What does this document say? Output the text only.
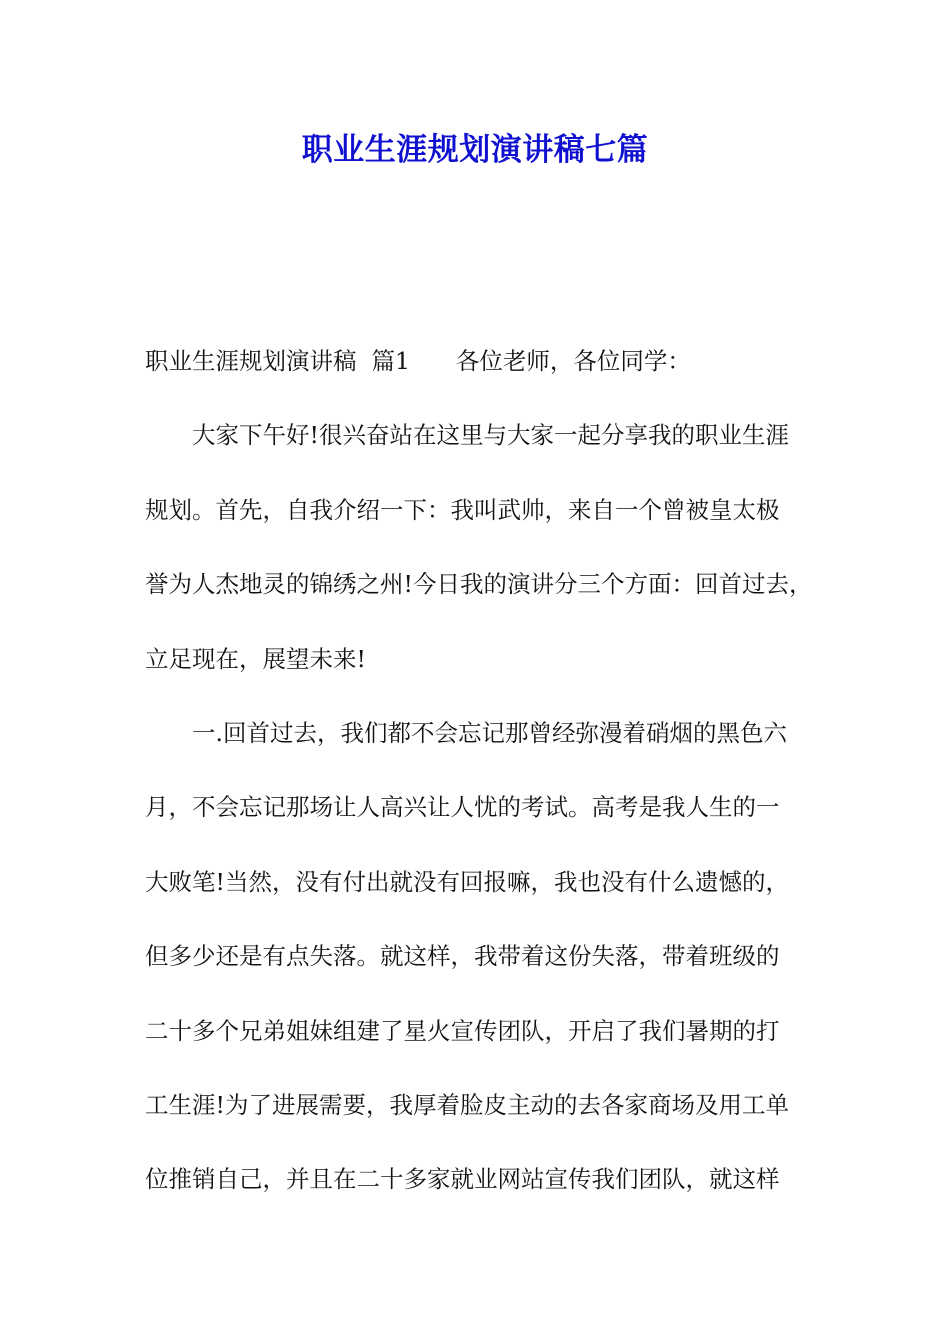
职业生涯规划演讲稿七篇
职业生涯规划演讲稿  篇1 各位老师，各位同学：
大家下午好!很兴奋站在这里与大家一起分享我的职业生涯
规划。首先，自我介绍一下：我叫武帅，来自一个曾被皇太极
誉为人杰地灵的锦绣之州!今日我的演讲分三个方面：回首过去，
立足现在，展望未来!
一.回首过去，我们都不会忘记那曾经弥漫着硝烟的黑色六
月，不会忘记那场让人高兴让人忧的考试。高考是我人生的一
大败笔!当然，没有付出就没有回报嘛，我也没有什么遗憾的，
但多少还是有点失落。就这样，我带着这份失落，带着班级的
二十多个兄弟姐妹组建了星火宣传团队，开启了我们暑期的打
工生涯!为了进展需要，我厚着脸皮主动的去各家商场及用工单
位推销自己，并且在二十多家就业网站宣传我们团队，就这样
